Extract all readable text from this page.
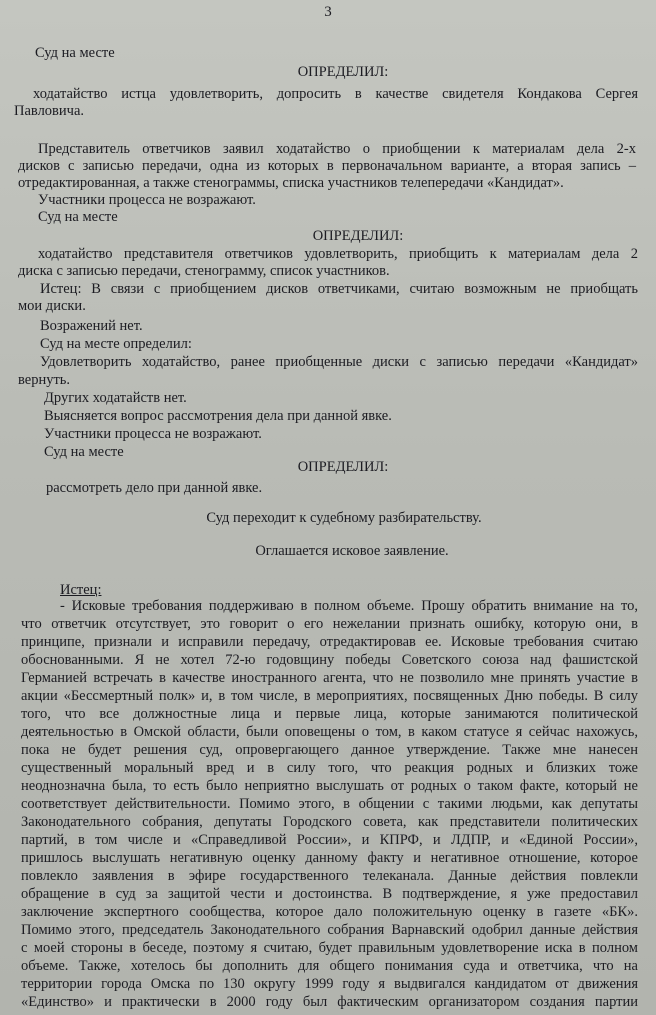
3

Суд на месте

ОПРЕДЕЛИЛ:

ходатайство истца удовлетворить, допросить в качестве свидетеля Кондакова Сергея

Павловича.

Представитель ответчиков заявил ходатайство о приобщении к материалам дела 2-х

дисков с записью передачи, одна из которых в первоначальном варианте, а вторая запись –

отредактированная, а также стенограммы, списка участников телепередачи «Кандидат».

Участники процесса не возражают.

Суд на месте

ОПРЕДЕЛИЛ:

ходатайство представителя ответчиков удовлетворить, приобщить к материалам дела 2

диска с записью передачи, стенограмму, список участников.

Истец: В связи с приобщением дисков ответчиками, считаю возможным не приобщать

мои диски.

Возражений нет.

Суд на месте определил:

Удовлетворить ходатайство, ранее приобщенные диски с записью передачи «Кандидат»

вернуть.

Других ходатайств нет.

Выясняется вопрос рассмотрения дела при данной явке.

Участники процесса не возражают.

Суд на месте

ОПРЕДЕЛИЛ:

рассмотреть дело при данной явке.

Суд переходит к судебному разбирательству.

Оглашается исковое заявление.

Истец:

- Исковые требования поддерживаю в полном объеме. Прошу обратить внимание на то,

что ответчик отсутствует, это говорит о его нежелании признать ошибку, которую они, в

принципе, признали и исправили передачу, отредактировав ее. Исковые требования считаю

обоснованными. Я не хотел 72-ю годовщину победы Советского союза над фашистской

Германией встречать в качестве иностранного агента, что не позволило мне принять участие в

акции «Бессмертный полк» и, в том числе, в мероприятиях, посвященных Дню победы. В силу

того, что все должностные лица и первые лица, которые занимаются политической

деятельностью в Омской области, были оповещены о том, в каком статусе я сейчас нахожусь,

пока не будет решения суд, опровергающего данное утверждение. Также мне нанесен

существенный моральный вред и в силу того, что реакция родных и близких тоже

неоднозначна была, то есть было неприятно выслушать от родных о таком факте, который не

соответствует действительности. Помимо этого, в общении с такими людьми, как депутаты

Законодательного собрания, депутаты Городского совета, как представители политических

партий, в том числе и «Справедливой России», и КПРФ, и ЛДПР, и «Единой России»,

пришлось выслушать негативную оценку данному факту и негативное отношение, которое

повлекло заявления в эфире государственного телеканала. Данные действия повлекли

обращение в суд за защитой чести и достоинства. В подтверждение, я уже предоставил

заключение экспертного сообщества, которое дало положительную оценку в газете «БК».

Помимо этого, председатель Законодательного собрания Варнавский одобрил данные действия

с моей стороны в беседе, поэтому я считаю, будет правильным удовлетворение иска в полном

объеме. Также, хотелось бы дополнить для общего понимания суда и ответчика, что на

территории города Омска по 130 округу 1999 году я выдвигался кандидатом от движения

«Единство» и практически в 2000 году был фактическим организатором создания партии
